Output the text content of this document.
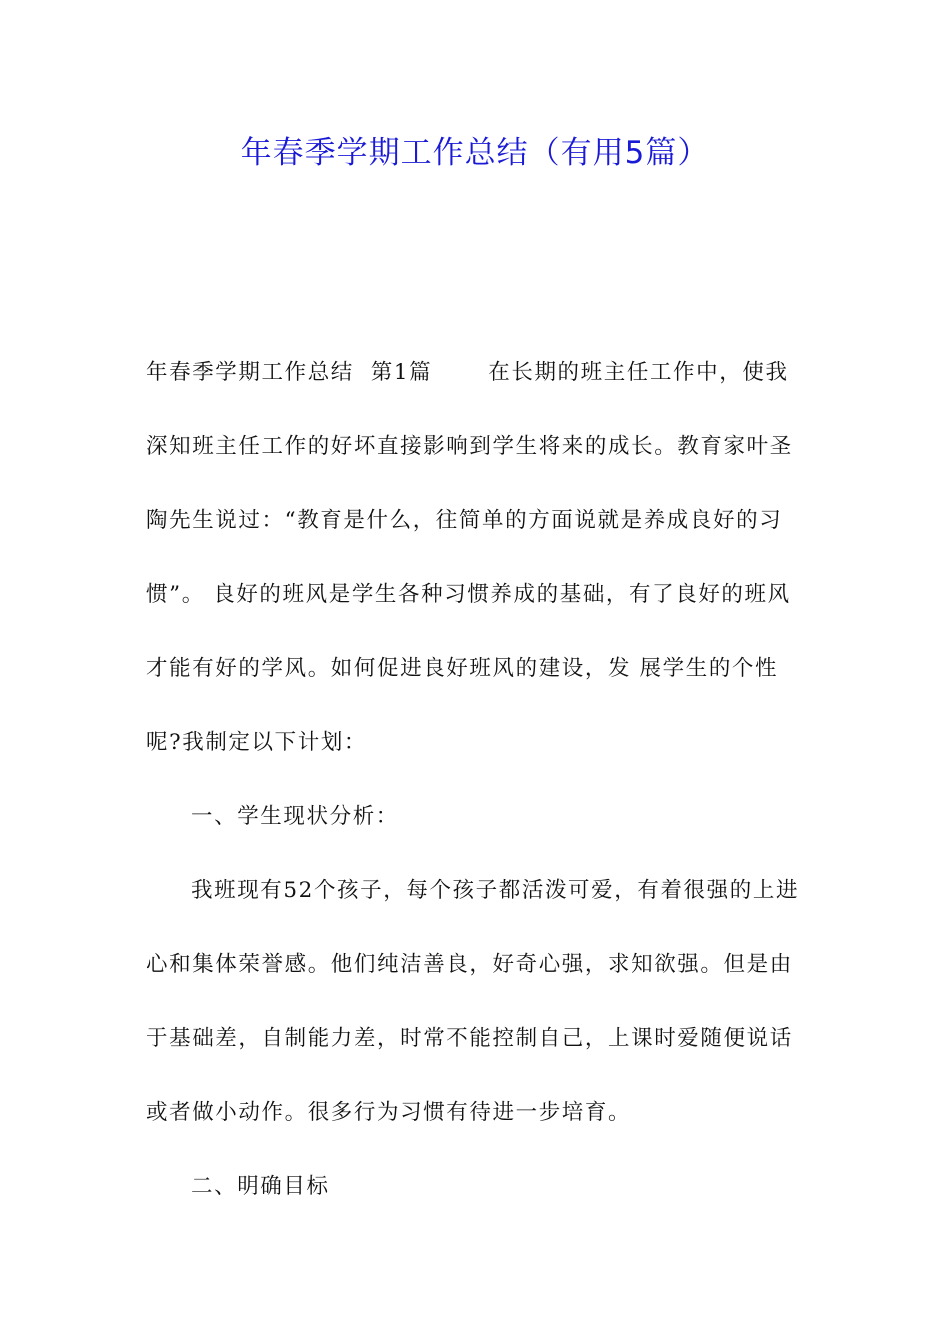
年春季学期工作总结（有用5篇）

年春季学期工作总结  第1篇	在长期的班主任工作中，使我深知班主任工作的好坏直接影响到学生将来的成长。教育家叶圣陶先生说过：“教育是什么，往简单的方面说就是养成良好的习惯”。 良好的班风是学生各种习惯养成的基础，有了良好的班风才能有好的学风。如何促进良好班风的建设，发 展学生的个性呢?我制定以下计划：

一、学生现状分析：

我班现有52个孩子，每个孩子都活泼可爱，有着很强的上进心和集体荣誉感。他们纯洁善良，好奇心强，求知欲强。但是由于基础差，自制能力差，时常不能控制自己，上课时爱随便说话或者做小动作。很多行为习惯有待进一步培育。

二、明确目标
